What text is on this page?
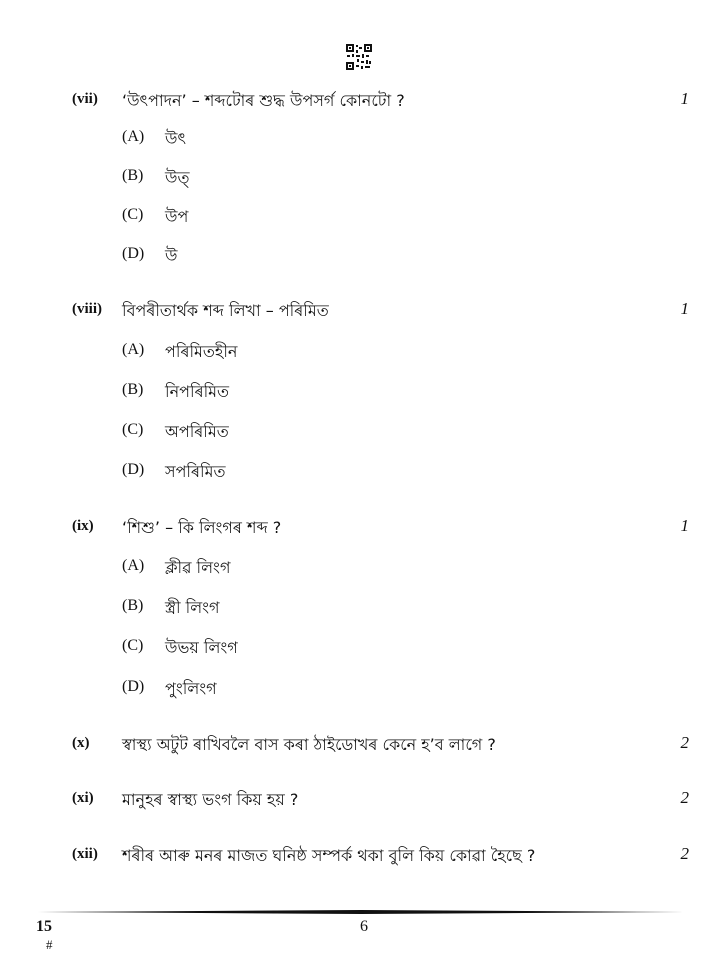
(vii) ‘উৎপাদন’ – শব্দটোৰ শুদ্ধ উপসৰ্গ কোনটো ?	1
(A) উৎ
(B) উত্
(C) উপ
(D) উ
(viii) বিপৰীতাৰ্থক শব্দ লিখা – পৰিমিত	1
(A) পৰিমিতহীন
(B) নিপৰিমিত
(C) অপৰিমিত
(D) সপৰিমিত
(ix) ‘শিশু’ – কি লিংগৰ শব্দ ?	1
(A) ক্লীৱ লিংগ
(B) স্ত্ৰী লিংগ
(C) উভয় লিংগ
(D) পুংলিংগ
(x) স্বাস্থ্য অটুট ৰাখিবলৈ বাস কৰা ঠাইডোখৰ কেনে হ’ব লাগে ?	2
(xi) মানুহৰ স্বাস্থ্য ভংগ কিয় হয় ?	2
(xii) শৰীৰ আৰু মনৰ মাজত ঘনিষ্ঠ সম্পৰ্ক থকা বুলি কিয় কোৱা হৈছে ?	2
15
#
6
